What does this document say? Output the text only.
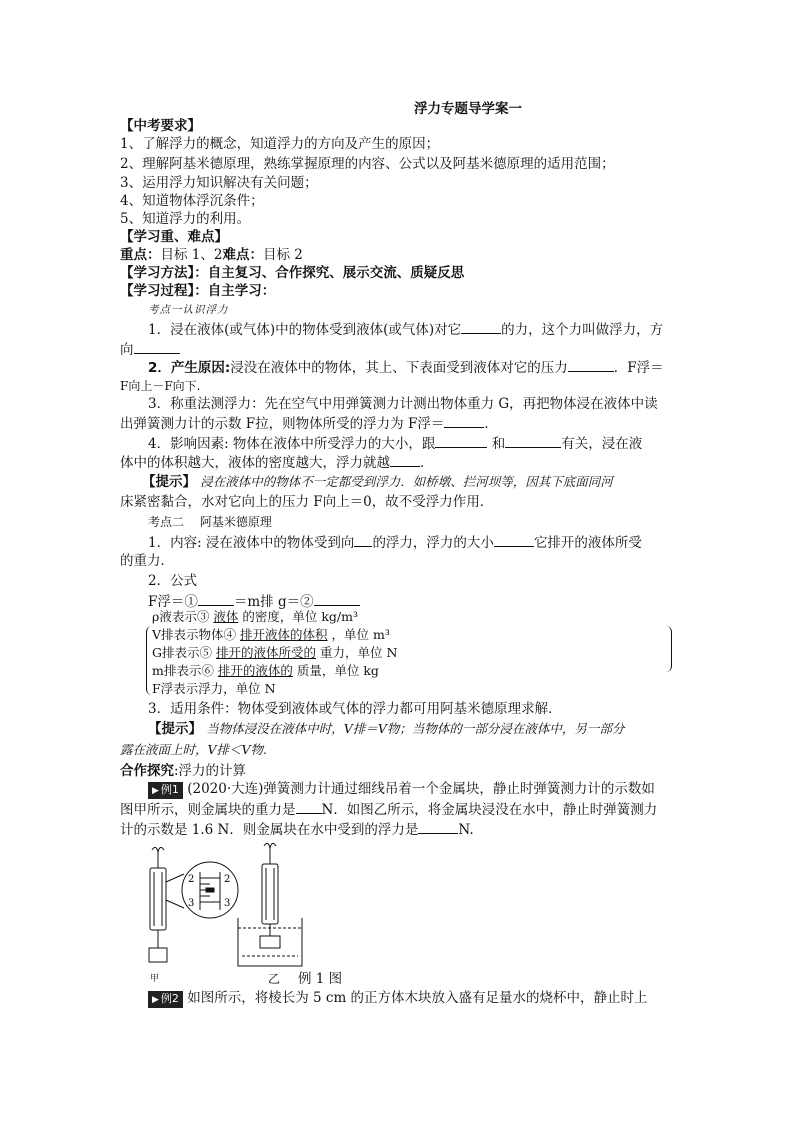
浮力专题导学案一
【中考要求】
1、了解浮力的概念，知道浮力的方向及产生的原因；
2、理解阿基米德原理，熟练掌握原理的内容、公式以及阿基米德原理的适用范围；
3、运用浮力知识解决有关问题；
4、知道物体浮沉条件；
5、知道浮力的利用。
【学习重、难点】
重点：目标 1、2难点：目标 2
【学习方法】：自主复习、合作探究、展示交流、质疑反思
【学习过程】：自主学习：
考点一认识浮力
1．浸在液体(或气体)中的物体受到液体(或气体)对它	的力，这个力叫做浮力，方
向
2．产生原因:浸没在液体中的物体，其上、下表面受到液体对它的压力	．F浮＝
F向上－F向下.
3．称重法测浮力：先在空气中用弹簧测力计测出物体重力 G，再把物体浸在液体中读
出弹簧测力计的示数 F拉，则物体所受的浮力为 F浮＝	．
4．影响因素: 物体在液体中所受浮力的大小，跟	和	有关，浸在液
体中的体积越大，液体的密度越大，浮力就越 ．
【提示】 浸在液体中的物体不一定都受到浮力．如桥墩、拦河坝等，因其下底面同河
床紧密黏合，水对它向上的压力 F向上＝0，故不受浮力作用．
考点二　 阿基米德原理
1．内容: 浸在液体中的物体受到向 的浮力，浮力的大小	它排开的液体所受
的重力．
2．公式
F浮＝①	＝m排 g＝②
ρ液表示③ 液体 的密度，单位 kg/m³
V排表示物体④ 排开液体的体积 ，单位 m³
G排表示⑤ 排开的液体所受的 重力，单位 N
m排表示⑥ 排开的液体的 质量，单位 kg
F浮表示浮力，单位 N
3．适用条件：物体受到液体或气体的浮力都可用阿基米德原理求解．
【提示】 当物体浸没在液体中时，V排＝V物；当物体的一部分浸在液体中，另一部分
露在液面上时，V排＜V物.
合作探究:浮力的计算
▶ 例1 (2020·大连)弹簧测力计通过细线吊着一个金属块，静止时弹簧测力计的示数如
图甲所示，则金属块的重力是 N．如图乙所示，将金属块浸没在水中，静止时弹簧测力
计的示数是 1.6 N．则金属块在水中受到的浮力是	N.
2
3
2
3
甲	乙 例 1 图
▶ 例2 如图所示，将棱长为 5 cm 的正方体木块放入盛有足量水的烧杯中，静止时上
